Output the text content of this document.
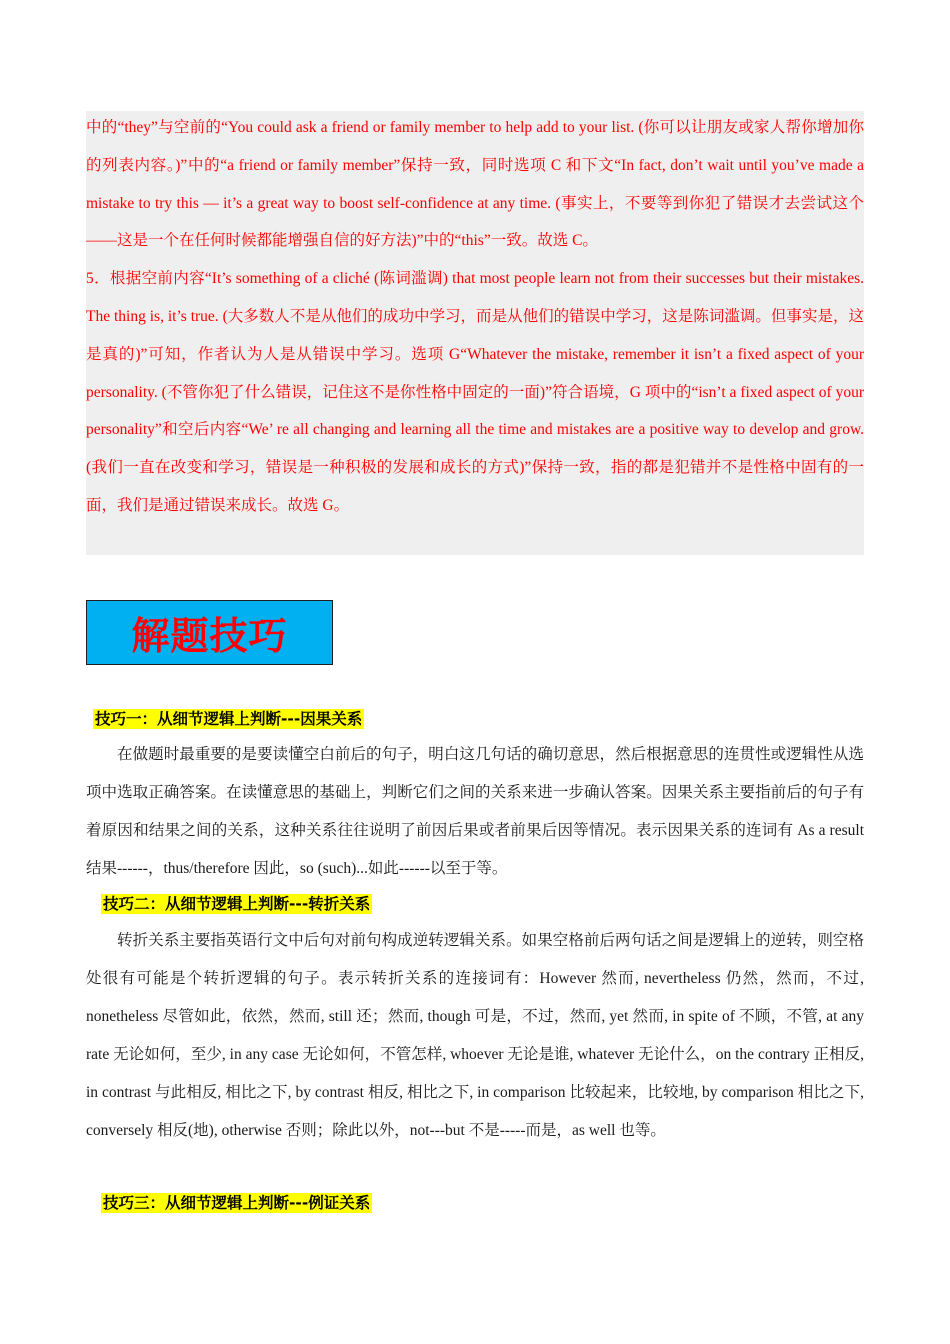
中的“they”与空前的“You could ask a friend or family member to help add to your list. (你可以让朋友或家人帮你增加你的列表内容。)”中的“a friend or family member”保持一致，同时选项 C 和下文“In fact, don’t wait until you’ve made a mistake to try this — it’s a great way to boost self-confidence at any time. (事实上，不要等到你犯了错误才去尝试这个——这是一个在任何时候都能增强自信的好方法)”中的“this”一致。故选 C。

5．根据空前内容“It’s something of a cliché (陈词滥调) that most people learn not from their successes but their mistakes. The thing is, it’s true. (大多数人不是从他们的成功中学习，而是从他们的错误中学习，这是陈词滥调。但事实是，这是真的)”可知，作者认为人是从错误中学习。选项 G“Whatever the mistake, remember it isn’t a fixed aspect of your personality. (不管你犯了什么错误，记住这不是你性格中固定的一面)”符合语境，G 项中的“isn’t a fixed aspect of your personality”和空后内容“We’ re all changing and learning all the time and mistakes are a positive way to develop and grow. (我们一直在改变和学习，错误是一种积极的发展和成长的方式)”保持一致，指的都是犯错并不是性格中固有的一面，我们是通过错误来成长。故选 G。

解题技巧
技巧一：从细节逻辑上判断---因果关系

在做题时最重要的是要读懂空白前后的句子，明白这几句话的确切意思，然后根据意思的连贯性或逻辑性从选项中选取正确答案。在读懂意思的基础上，判断它们之间的关系来进一步确认答案。因果关系主要指前后的句子有着原因和结果之间的关系，这种关系往往说明了前因后果或者前果后因等情况。表示因果关系的连词有 As a result 结果------，thus/therefore 因此，so (such)...如此------以至于等。

技巧二：从细节逻辑上判断---转折关系

转折关系主要指英语行文中后句对前句构成逆转逻辑关系。如果空格前后两句话之间是逻辑上的逆转，则空格处很有可能是个转折逻辑的句子。表示转折关系的连接词有：However 然而, nevertheless 仍然，然而，不过, nonetheless 尽管如此，依然，然而, still 还；然而, though 可是，不过，然而, yet 然而, in spite of 不顾，不管, at any rate 无论如何，至少, in any case 无论如何，不管怎样, whoever 无论是谁, whatever 无论什么，on the contrary 正相反, in contrast 与此相反, 相比之下, by contrast 相反, 相比之下, in comparison 比较起来，比较地, by comparison 相比之下, conversely 相反(地), otherwise 否则；除此以外，not---but 不是-----而是，as well 也等。

技巧三：从细节逻辑上判断---例证关系
